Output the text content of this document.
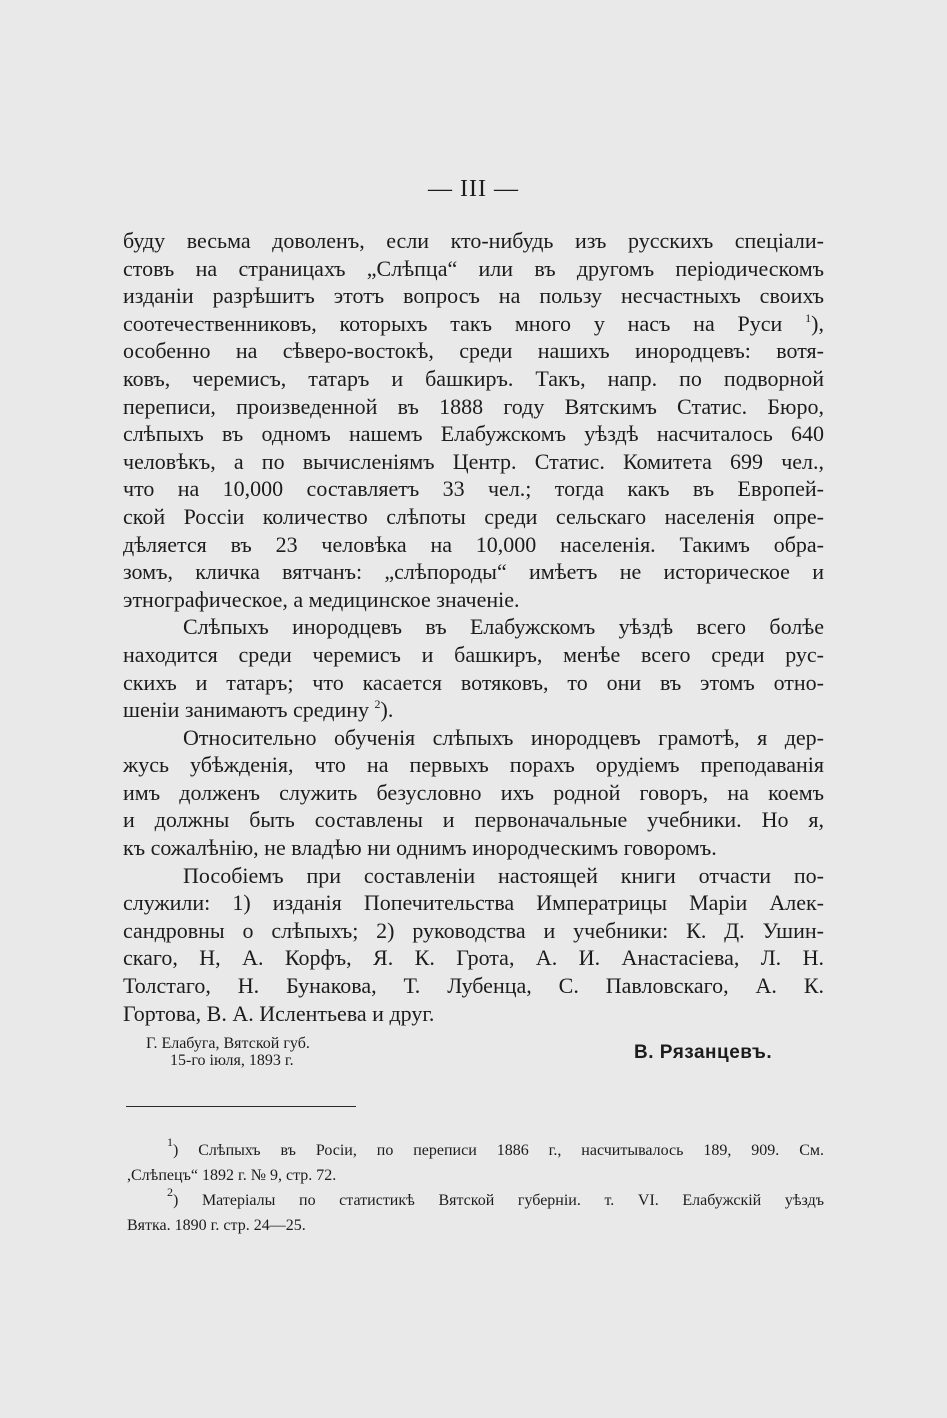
— III —
буду весьма доволенъ, если кто-нибудь изъ русскихъ спеціали-
стовъ на страницахъ „Слѣпца“ или въ другомъ періодическомъ
изданіи разрѣшитъ этотъ вопросъ на пользу несчастныхъ своихъ
соотечественниковъ, которыхъ такъ много у насъ на Руси $^1$),
особенно на сѣверо-востокѣ, среди нашихъ инородцевъ: вотя-
ковъ, черемисъ, татаръ и башкиръ. Такъ, напр. по подворной
переписи, произведенной въ 1888 году Вятскимъ Статис. Бюро,
слѣпыхъ въ одномъ нашемъ Елабужскомъ уѣздѣ насчиталось 640
человѣкъ, а по вычисленіямъ Центр. Статис. Комитета 699 чел.,
что на 10,000 составляетъ 33 чел.; тогда какъ въ Европей-
ской Россіи количество слѣпоты среди сельскаго населенія опре-
дѣляется въ 23 человѣка на 10,000 населенія. Такимъ обра-
зомъ, кличка вятчанъ: „слѣпороды“ имѣетъ не историческое и
этнографическое, а медицинское значеніе.
Слѣпыхъ инородцевъ въ Елабужскомъ уѣздѣ всего болѣе
находится среди черемисъ и башкиръ, менѣе всего среди рус-
скихъ и татаръ; что касается вотяковъ, то они въ этомъ отно-
шеніи занимаютъ средину $^2$).
Относительно обученія слѣпыхъ инородцевъ грамотѣ, я дер-
жусь убѣжденія, что на первыхъ порахъ орудіемъ преподаванія
имъ долженъ служить безусловно ихъ родной говоръ, на коемъ
и должны быть составлены и первоначальные учебники. Но я,
къ сожалѣнію, не владѣю ни однимъ инородческимъ говоромъ.
Пособіемъ при составленіи настоящей книги отчасти по-
служили: 1) изданія Попечительства Императрицы Маріи Алек-
сандровны о слѣпыхъ; 2) руководства и учебники: К. Д. Ушин-
скаго, Н, А. Корфъ, Я. К. Грота, А. И. Анастасіева, Л. Н.
Толстаго, Н. Бунакова, Т. Лубенца, С. Павловскаго, А. К.
Гортова, В. А. Ислентьева и друг.
Г. Елабуга, Вятской губ.
15-го іюля, 1893 г.	В. Рязанцевъ.
$^1$) Слѣпыхъ въ Росіи, по переписи 1886 г., насчитывалось 189, 909. См.
,Слѣпецъ“ 1892 г. № 9, стр. 72.
$^2$) Матеріалы по статистикѣ Вятской губерніи. т. VI. Елабужскій уѣздъ
Вятка. 1890 г. стр. 24—25.
